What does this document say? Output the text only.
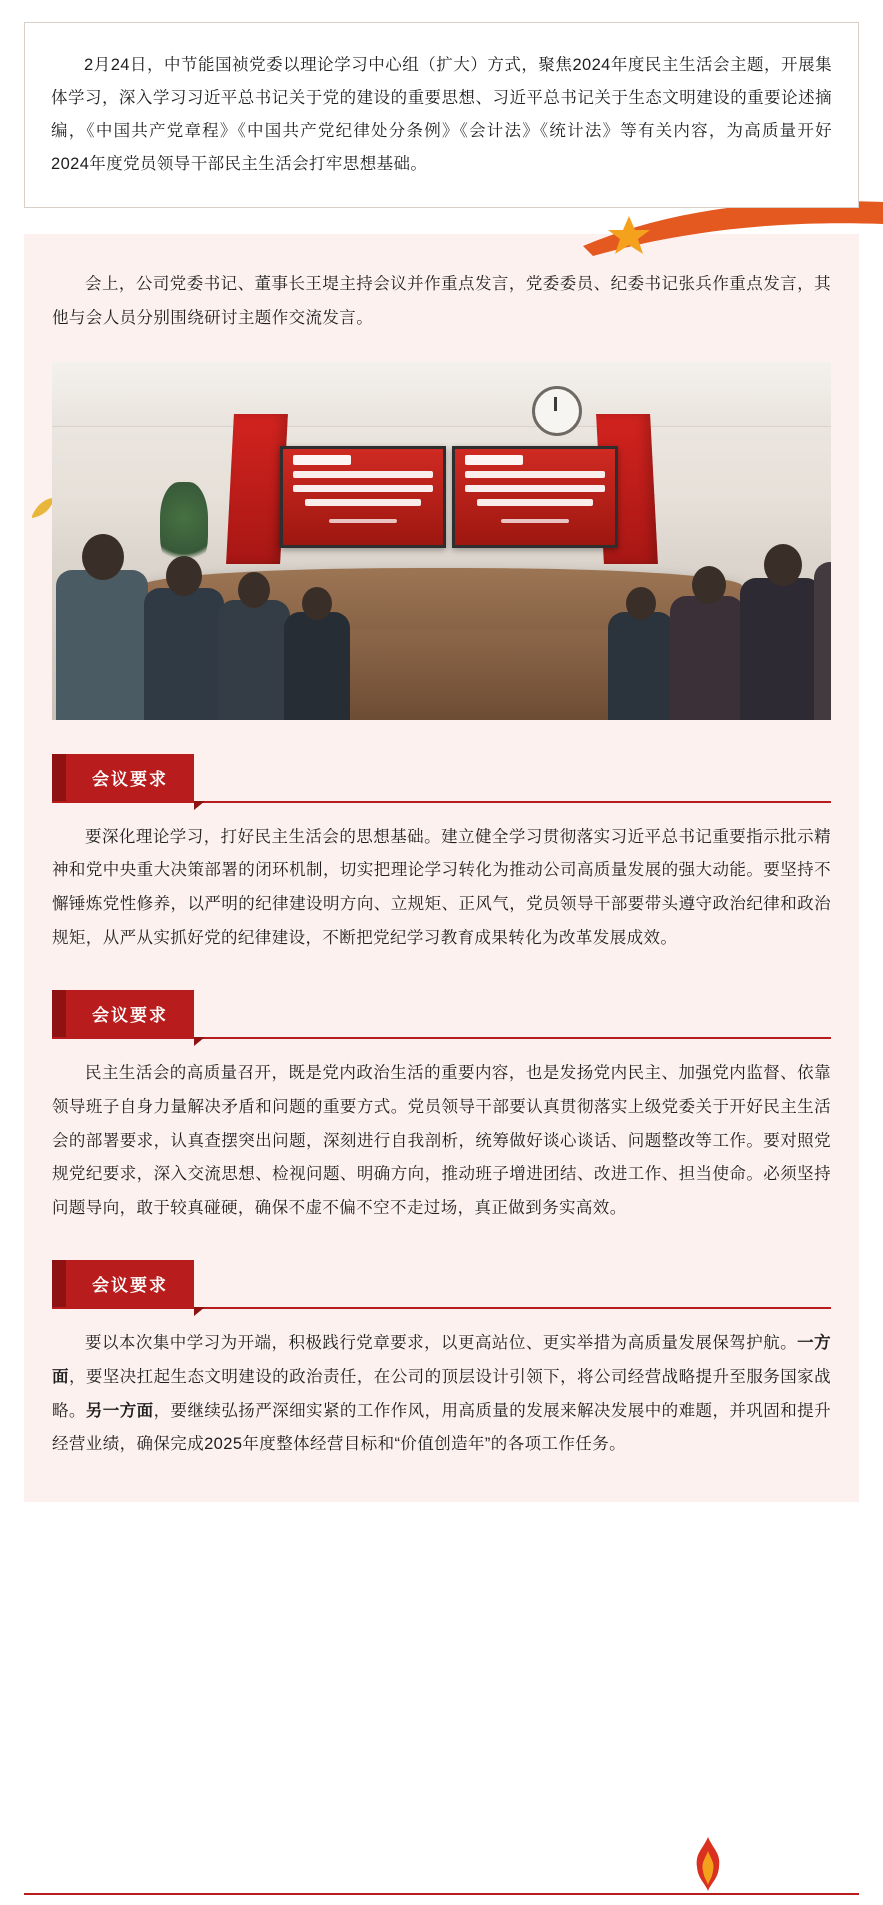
2月24日，中节能国祯党委以理论学习中心组（扩大）方式，聚焦2024年度民主生活会主题，开展集体学习，深入学习习近平总书记关于党的建设的重要思想、习近平总书记关于生态文明建设的重要论述摘编，《中国共产党章程》《中国共产党纪律处分条例》《会计法》《统计法》等有关内容，为高质量开好2024年度党员领导干部民主生活会打牢思想基础。

会上，公司党委书记、董事长王堤主持会议并作重点发言，党委委员、纪委书记张兵作重点发言，其他与会人员分别围绕研讨主题作交流发言。

会议要求
要深化理论学习，打好民主生活会的思想基础。建立健全学习贯彻落实习近平总书记重要指示批示精神和党中央重大决策部署的闭环机制，切实把理论学习转化为推动公司高质量发展的强大动能。要坚持不懈锤炼党性修养，以严明的纪律建设明方向、立规矩、正风气，党员领导干部要带头遵守政治纪律和政治规矩，从严从实抓好党的纪律建设，不断把党纪学习教育成果转化为改革发展成效。
会议要求
民主生活会的高质量召开，既是党内政治生活的重要内容，也是发扬党内民主、加强党内监督、依靠领导班子自身力量解决矛盾和问题的重要方式。党员领导干部要认真贯彻落实上级党委关于开好民主生活会的部署要求，认真查摆突出问题，深刻进行自我剖析，统筹做好谈心谈话、问题整改等工作。要对照党规党纪要求，深入交流思想、检视问题、明确方向，推动班子增进团结、改进工作、担当使命。必须坚持问题导向，敢于较真碰硬，确保不虚不偏不空不走过场，真正做到务实高效。
会议要求
要以本次集中学习为开端，积极践行党章要求，以更高站位、更实举措为高质量发展保驾护航。一方面，要坚决扛起生态文明建设的政治责任，在公司的顶层设计引领下，将公司经营战略提升至服务国家战略。另一方面，要继续弘扬严深细实紧的工作作风，用高质量的发展来解决发展中的难题，并巩固和提升经营业绩，确保完成2025年度整体经营目标和“价值创造年”的各项工作任务。
